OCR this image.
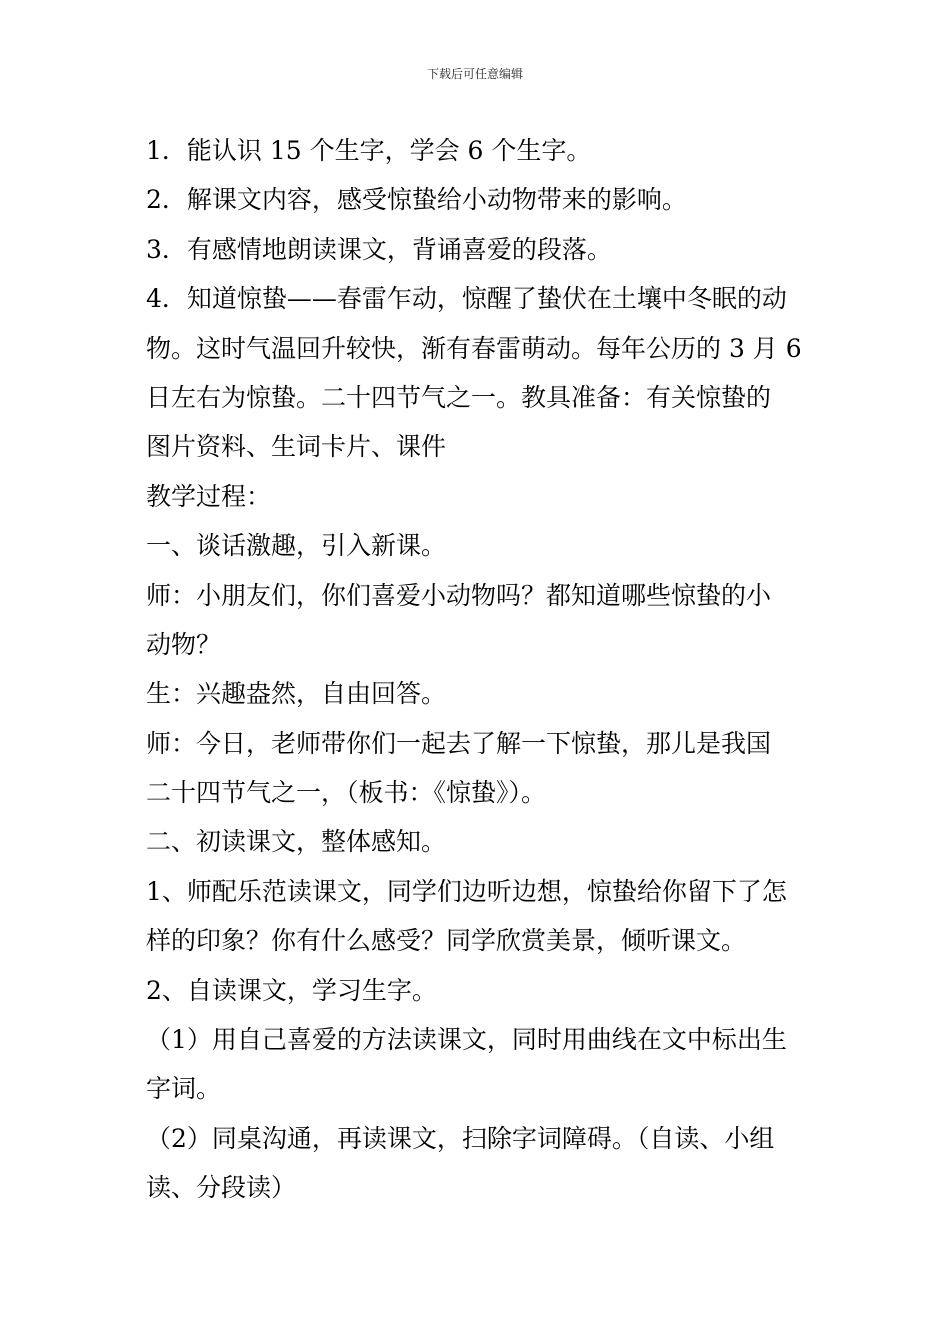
下载后可任意编辑
1．能认识 15 个生字，学会 6 个生字。
2．解课文内容，感受惊蛰给小动物带来的影响。
3．有感情地朗读课文，背诵喜爱的段落。
4．知道惊蛰——春雷乍动，惊醒了蛰伏在土壤中冬眠的动
物。这时气温回升较快，渐有春雷萌动。每年公历的 3 月 6
日左右为惊蛰。二十四节气之一。教具准备：有关惊蛰的
图片资料、生词卡片、课件
教学过程：
一、谈话激趣，引入新课。
师：小朋友们，你们喜爱小动物吗？都知道哪些惊蛰的小
动物？
生：兴趣盎然，自由回答。
师：今日，老师带你们一起去了解一下惊蛰，那儿是我国
二十四节气之一，（板书：《惊蛰》）。
二、初读课文，整体感知。
1、师配乐范读课文，同学们边听边想，惊蛰给你留下了怎
样的印象？你有什么感受？同学欣赏美景，倾听课文。
2、自读课文，学习生字。
（1）用自己喜爱的方法读课文，同时用曲线在文中标出生
字词。
（2）同桌沟通，再读课文，扫除字词障碍。（自读、小组
读、分段读）
